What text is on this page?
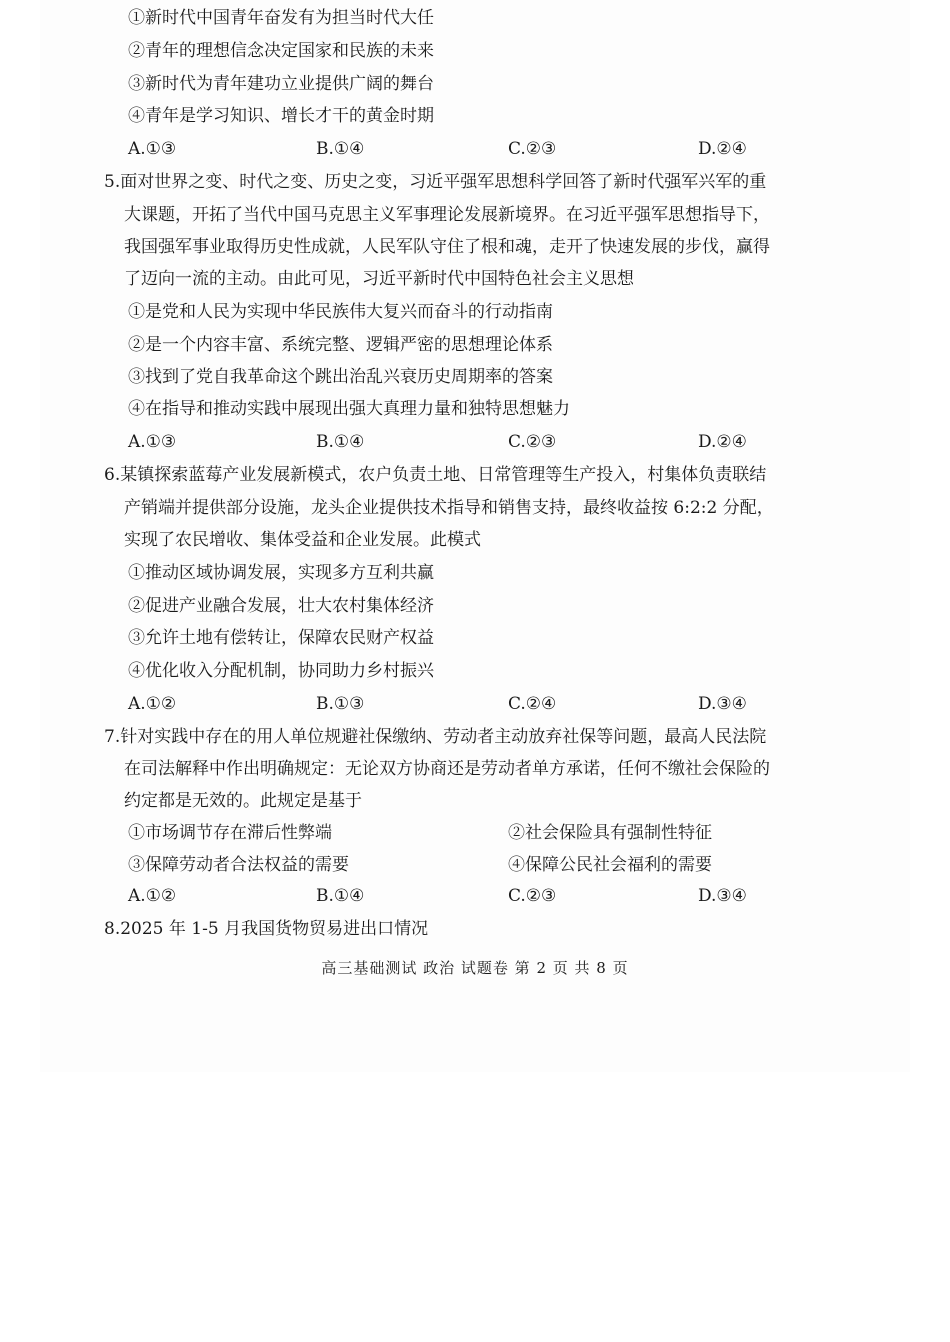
①新时代中国青年奋发有为担当时代大任
②青年的理想信念决定国家和民族的未来
③新时代为青年建功立业提供广阔的舞台
④青年是学习知识、增长才干的黄金时期
A.①③	B.①④	C.②③	D.②④
5.面对世界之变、时代之变、历史之变，习近平强军思想科学回答了新时代强军兴军的重
大课题，开拓了当代中国马克思主义军事理论发展新境界。在习近平强军思想指导下，
我国强军事业取得历史性成就，人民军队守住了根和魂，走开了快速发展的步伐，赢得
了迈向一流的主动。由此可见，习近平新时代中国特色社会主义思想
①是党和人民为实现中华民族伟大复兴而奋斗的行动指南
②是一个内容丰富、系统完整、逻辑严密的思想理论体系
③找到了党自我革命这个跳出治乱兴衰历史周期率的答案
④在指导和推动实践中展现出强大真理力量和独特思想魅力
A.①③	B.①④	C.②③	D.②④
6.某镇探索蓝莓产业发展新模式，农户负责土地、日常管理等生产投入，村集体负责联结
产销端并提供部分设施，龙头企业提供技术指导和销售支持，最终收益按 6:2:2 分配，
实现了农民增收、集体受益和企业发展。此模式
①推动区域协调发展，实现多方互利共赢
②促进产业融合发展，壮大农村集体经济
③允许土地有偿转让，保障农民财产权益
④优化收入分配机制，协同助力乡村振兴
A.①②	B.①③	C.②④	D.③④
7.针对实践中存在的用人单位规避社保缴纳、劳动者主动放弃社保等问题，最高人民法院
在司法解释中作出明确规定：无论双方协商还是劳动者单方承诺，任何不缴社会保险的
约定都是无效的。此规定是基于
①市场调节存在滞后性弊端	②社会保险具有强制性特征
③保障劳动者合法权益的需要	④保障公民社会福利的需要
A.①②	B.①④	C.②③	D.③④
8.2025 年 1-5 月我国货物贸易进出口情况
高三基础测试 政治 试题卷 第 2 页 共 8 页
